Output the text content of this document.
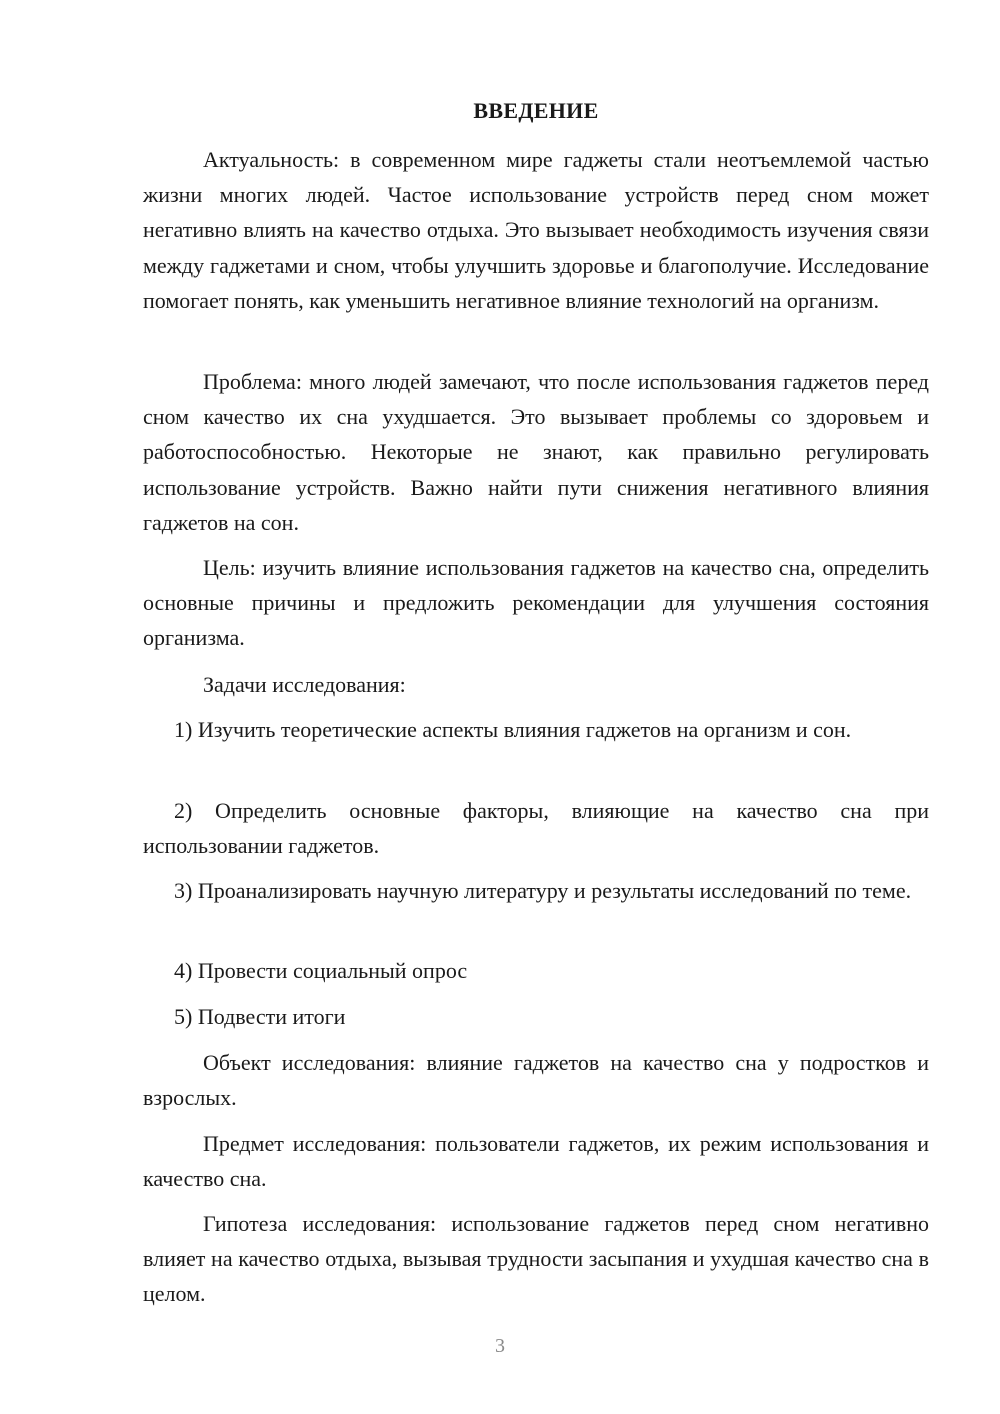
ВВЕДЕНИЕ

Актуальность: в современном мире гаджеты стали неотъемлемой частью жизни многих людей. Частое использование устройств перед сном может негативно влиять на качество отдыха. Это вызывает необходимость изучения связи между гаджетами и сном, чтобы улучшить здоровье и благополучие. Исследование помогает понять, как уменьшить негативное влияние технологий на организм.

Проблема: много людей замечают, что после использования гаджетов перед сном качество их сна ухудшается. Это вызывает проблемы со здоровьем и работоспособностью. Некоторые не знают, как правильно регулировать использование устройств. Важно найти пути снижения негативного влияния гаджетов на сон.

Цель: изучить влияние использования гаджетов на качество сна, определить основные причины и предложить рекомендации для улучшения состояния организма.

Задачи исследования:

1) Изучить теоретические аспекты влияния гаджетов на организм и сон.

2) Определить основные факторы, влияющие на качество сна при использовании гаджетов.

3) Проанализировать научную литературу и результаты исследований по теме.

4) Провести социальный опрос

5) Подвести итоги

Объект исследования: влияние гаджетов на качество сна у подростков и взрослых.

Предмет исследования: пользователи гаджетов, их режим использования и качество сна.

Гипотеза исследования: использование гаджетов перед сном негативно влияет на качество отдыха, вызывая трудности засыпания и ухудшая качество сна в целом.

3
